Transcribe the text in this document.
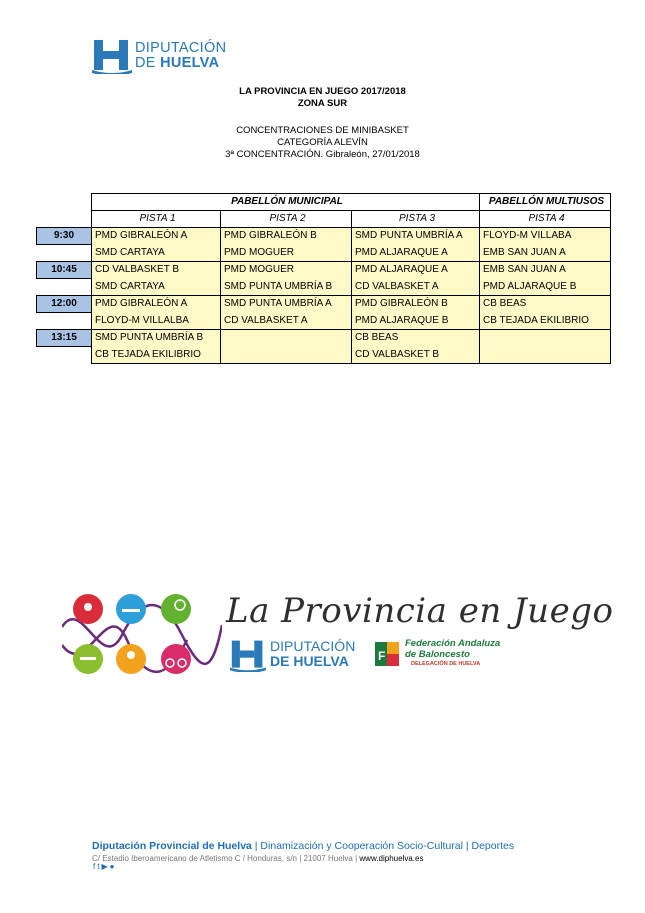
DIPUTACIÓN
DE HUELVA
LA PROVINCIA EN JUEGO 2017/2018
ZONA SUR
CONCENTRACIONES DE MINIBASKET
CATEGORÍA ALEVÍN
3ª CONCENTRACIÓN. Gibraleón, 27/01/2018
	PABELLÓN MUNICIPAL			PABELLÓN MULTIUSOS
	PISTA 1	PISTA 2	PISTA 3	PISTA 4
9:30	PMD GIBRALEÓN A	PMD GIBRALEÓN B	SMD PUNTA UMBRÍA A	FLOYD-M VILLABA
	SMD CARTAYA	PMD MOGUER	PMD ALJARAQUE A	EMB SAN JUAN A
10:45	CD VALBASKET B	PMD MOGUER	PMD ALJARAQUE A	EMB SAN JUAN A
	SMD CARTAYA	SMD PUNTA UMBRÍA B	CD VALBASKET A	PMD ALJARAQUE B
12:00	PMD GIBRALEÓN A	SMD PUNTA UMBRÍA A	PMD GIBRALEÓN B	CB BEAS
	FLOYD-M VILLALBA	CD VALBASKET A	PMD ALJARAQUE B	CB TEJADA EKILIBRIO
13:15	SMD PUNTA UMBRÍA B		CB BEAS	
	CB TEJADA EKILIBRIO		CD VALBASKET B	
La Provincia en Juego
DIPUTACIÓN
DE HUELVA F
Federación Andaluza
de Baloncesto
DELEGACIÓN DE HUELVA
Diputación Provincial de Huelva | Dinamización y Cooperación Socio-Cultural | Deportes
C/ Estadio Iberoamericano de Atletismo C / Honduras, s/n | 21007 Huelva | www.diphuelva.es
ft▶●
